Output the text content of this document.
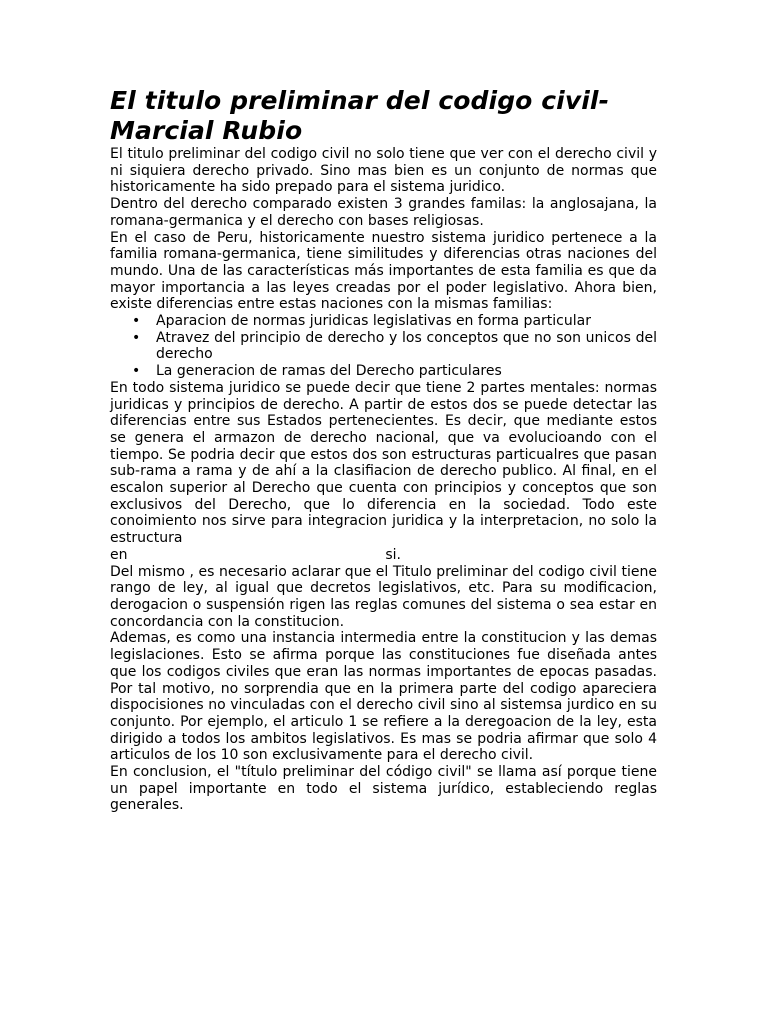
El titulo preliminar del codigo civil- Marcial Rubio

El titulo preliminar del codigo civil no solo tiene que ver con el derecho civil y ni siquiera derecho privado. Sino mas bien es un conjunto de normas que historicamente ha sido prepado para el sistema juridico.

Dentro del derecho comparado existen 3 grandes familas: la anglosajana, la romana-germanica y el derecho con bases religiosas.

En el caso de Peru, historicamente nuestro sistema juridico pertenece a la familia romana-germanica, tiene similitudes y diferencias otras naciones del mundo. Una de las características más importantes de esta familia es que da mayor importancia a las leyes creadas por el poder legislativo. Ahora bien, existe diferencias entre estas naciones con la mismas familias:

• Aparacion de normas juridicas legislativas en forma particular
• Atravez del principio de derecho y los conceptos que no son unicos del derecho
• La generacion de ramas del Derecho particulares

En todo sistema juridico se puede decir que tiene 2 partes mentales: normas juridicas y principios de derecho. A partir de estos dos se puede detectar las diferencias entre sus Estados pertenecientes. Es decir, que mediante estos se genera el armazon de derecho nacional, que va evolucioando con el tiempo. Se podria decir que estos dos son estructuras particualres que pasan sub-rama a rama y de ahí a la clasifiacion de derecho publico. Al final, en el escalon superior al Derecho que cuenta con principios y conceptos que son exclusivos del Derecho, que lo diferencia en la sociedad. Todo este conoimiento nos sirve para integracion juridica y la interpretacion, no solo la estructura

en	si.

Del mismo , es necesario aclarar que el Titulo preliminar del codigo civil tiene rango de ley, al igual que decretos legislativos, etc. Para su modificacion, derogacion o suspensión rigen las reglas comunes del sistema o sea estar en concordancia con la constitucion.

Ademas, es como una instancia intermedia entre la constitucion y las demas legislaciones. Esto se afirma porque las constituciones fue diseñada antes que los codigos civiles que eran las normas importantes de epocas pasadas. Por tal motivo, no sorprendia que en la primera parte del codigo apareciera dispocisiones no vinculadas con el derecho civil sino al sistemsa jurdico en su conjunto. Por ejemplo, el articulo 1 se refiere a la deregoacion de la ley, esta dirigido a todos los ambitos legislativos. Es mas se podria afirmar que solo 4 articulos de los 10 son exclusivamente para el derecho civil.

En conclusion, el "título preliminar del código civil" se llama así porque tiene un papel importante en todo el sistema jurídico, estableciendo reglas generales.
